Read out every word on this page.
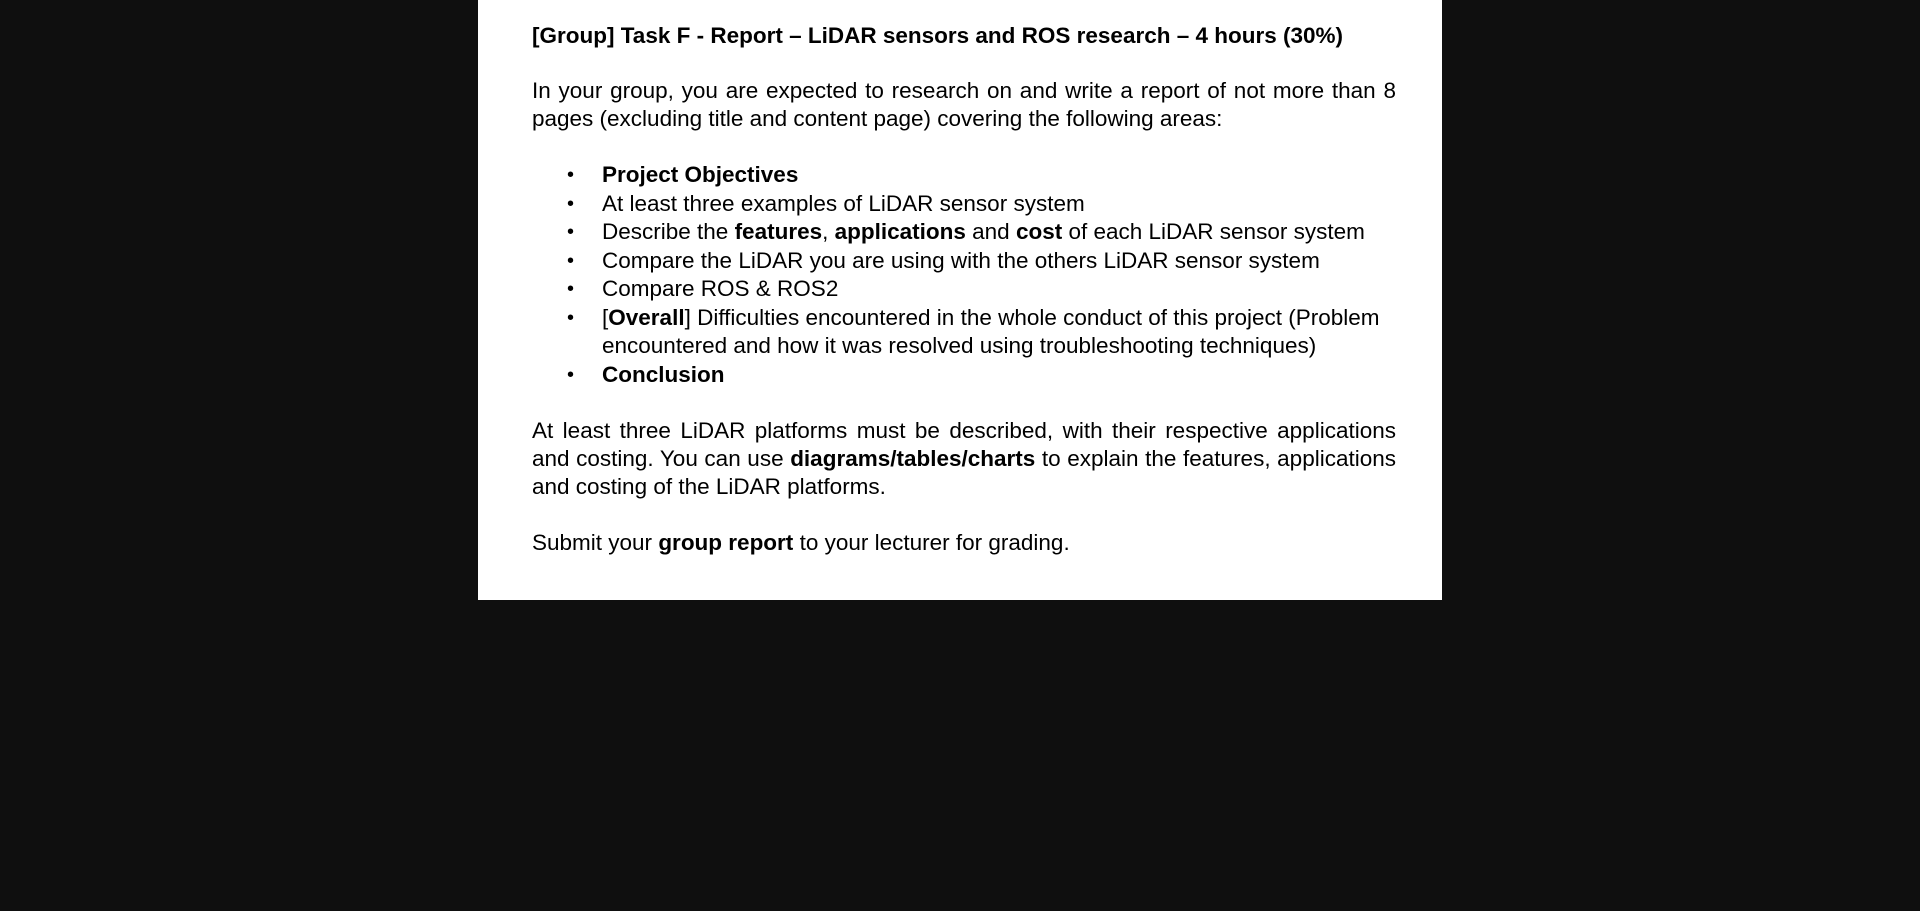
[Group] Task F - Report – LiDAR sensors and ROS research – 4 hours (30%)

In your group, you are expected to research on and write a report of not more than 8 pages (excluding title and content page) covering the following areas:

• Project Objectives
• At least three examples of LiDAR sensor system
• Describe the features, applications and cost of each LiDAR sensor system
• Compare the LiDAR you are using with the others LiDAR sensor system
• Compare ROS & ROS2
• [Overall] Difficulties encountered in the whole conduct of this project (Problem encountered and how it was resolved using troubleshooting techniques)
• Conclusion

At least three LiDAR platforms must be described, with their respective applications and costing. You can use diagrams/tables/charts to explain the features, applications and costing of the LiDAR platforms.

Submit your group report to your lecturer for grading.
